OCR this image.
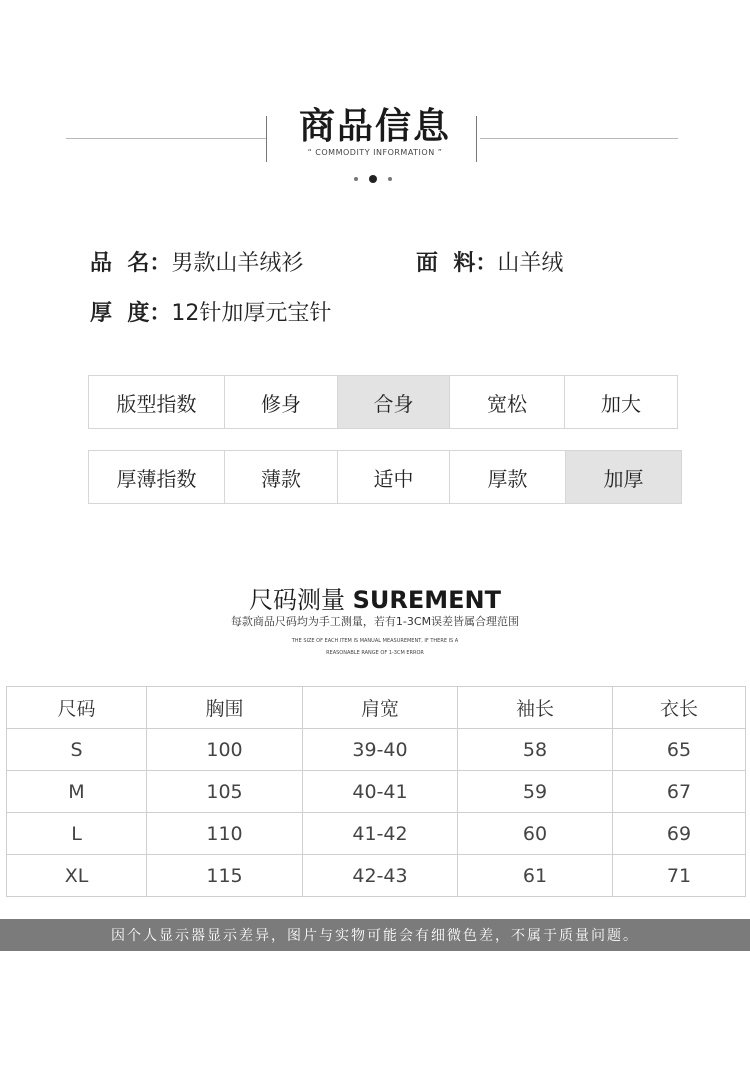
商品信息
“ COMMODITY INFORMATION ”
品  名：男款山羊绒衫	面  料：山羊绒
厚  度：12针加厚元宝针
版型指数	修身	合身	宽松	加大
厚薄指数	薄款	适中	厚款	加厚
尺码测量 SUREMENT
每款商品尺码均为手工测量，若有1-3CM误差皆属合理范围
THE SIZE OF EACH ITEM IS MANUAL MEASUREMENT, IF THERE IS A
REASONABLE RANGE OF 1-3CM ERROR
尺码	胸围	肩宽	袖长	衣长
S	100	39-40	58	65
M	105	40-41	59	67
L	110	41-42	60	69
XL	115	42-43	61	71
因个人显示器显示差异，图片与实物可能会有细微色差，不属于质量问题。
